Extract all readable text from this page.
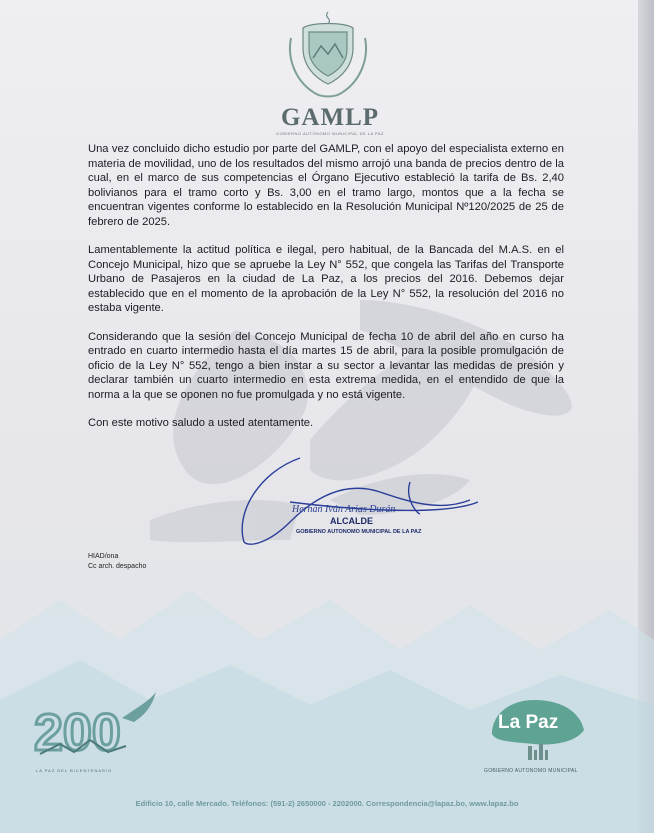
GAMLP
GOBIERNO AUTÓNOMO MUNICIPAL DE LA PAZ

Una vez concluido dicho estudio por parte del GAMLP, con el apoyo del especialista externo en materia de movilidad, uno de los resultados del mismo arrojó una banda de precios dentro de la cual, en el marco de sus competencias el Órgano Ejecutivo estableció la tarifa de Bs. 2,40 bolivianos para el tramo corto y Bs. 3,00 en el tramo largo, montos que a la fecha se encuentran vigentes conforme lo establecido en la Resolución Municipal Nº120/2025 de 25 de febrero de 2025.

Lamentablemente la actitud política e ilegal, pero habitual, de la Bancada del M.A.S. en el Concejo Municipal, hizo que se apruebe la Ley N° 552, que congela las Tarifas del Transporte Urbano de Pasajeros en la ciudad de La Paz, a los precios del 2016. Debemos dejar establecido que en el momento de la aprobación de la Ley N° 552, la resolución del 2016 no estaba vigente.

Considerando que la sesión del Concejo Municipal de fecha 10 de abril del año en curso ha entrado en cuarto intermedio hasta el día martes 15 de abril, para la posible promulgación de oficio de la Ley N° 552, tengo a bien instar a su sector a levantar las medidas de presión y declarar también un cuarto intermedio en esta extrema medida, en el entendido de que la norma a la que se oponen no fue promulgada y no está vigente.

Con este motivo saludo a usted atentamente.

Hernán Iván Arias Durán
ALCALDE
GOBIERNO AUTONOMO MUNICIPAL DE LA PAZ
HIAD/ona
Cc arch. despacho
200
LA PAZ DEL BICENTENARIO
La Paz
GOBIERNO AUTONOMO MUNICIPAL
Edificio 10, calle Mercado. Teléfonos: (591-2) 2650000 - 2202000. Correspondencia@lapaz.bo, www.lapaz.bo
